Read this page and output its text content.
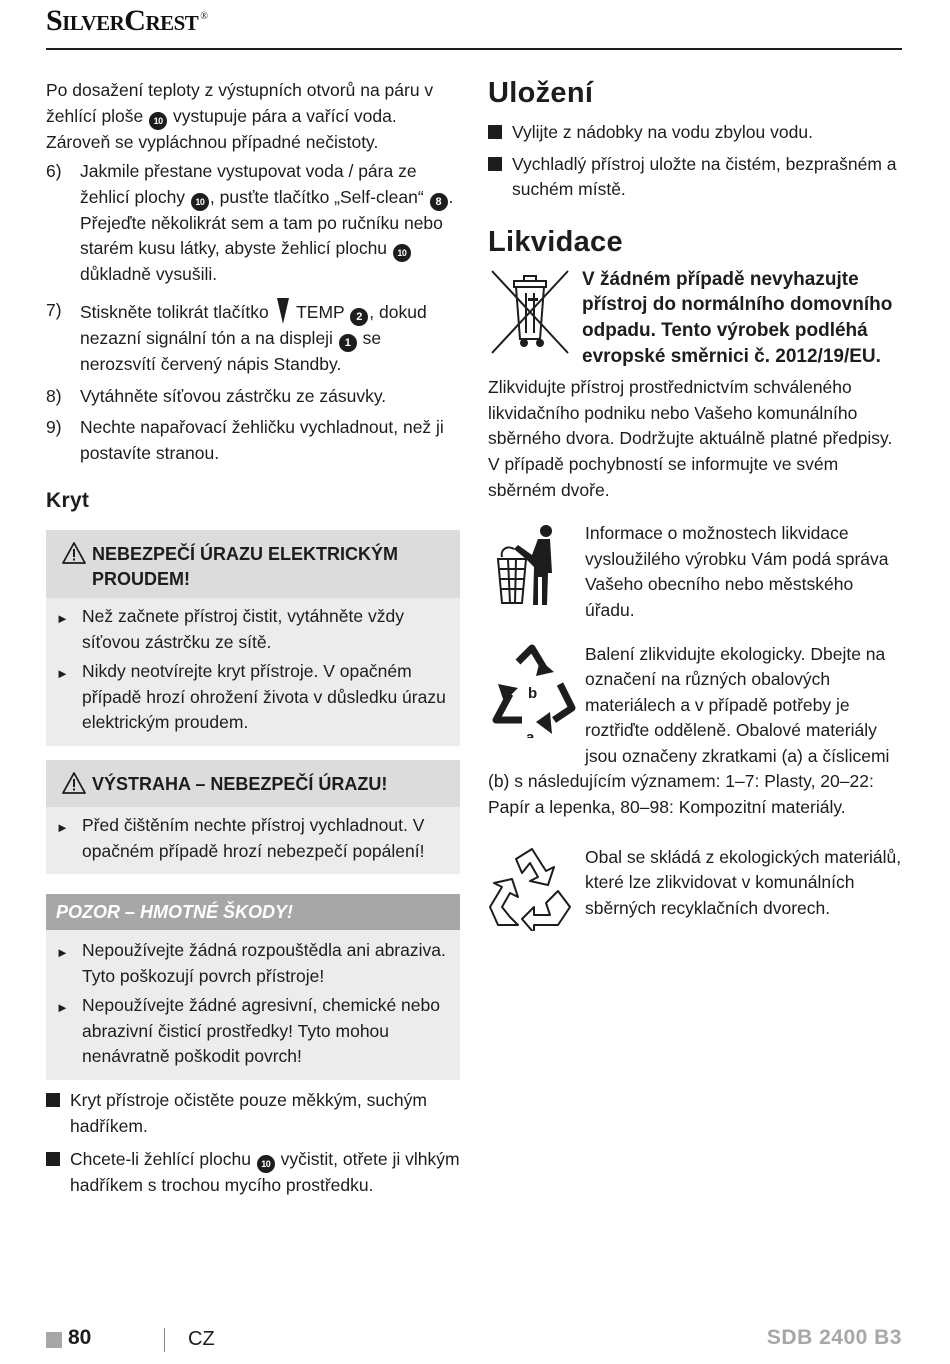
SilverCrest ®

Po dosažení teploty z výstupních otvorů na páru v žehlící ploše 10 vystupuje pára a vařící voda. Zároveň se vypláchnou případné nečistoty.

6)	Jakmile přestane vystupovat voda / pára ze žehlicí plochy 10 , pusťte tlačítko „Self-clean“ 8 . Přejeďte několikrát sem a tam po ručníku nebo starém kusu látky, abyste žehlicí plochu 10 důkladně vysušili.
7)	Stiskněte tolikrát tlačítko  TEMP 2 , dokud nezazní signální tón a na displeji 1 se nerozsvítí červený nápis Standby.
8)	Vytáhněte síťovou zástrčku ze zásuvky.
9)	Nechte napařovací žehličku vychladnout, než ji postavíte stranou.
Kryt
NEBEZPEČÍ ÚRAZU ELEKTRICKÝM PROUDEM!
► Než začnete přístroj čistit, vytáhněte vždy síťovou zástrčku ze sítě.
► Nikdy neotvírejte kryt přístroje. V opačném případě hrozí ohrožení života v důsledku úrazu elektrickým proudem.
VÝSTRAHA – NEBEZPEČÍ ÚRAZU!
► Před čištěním nechte přístroj vychladnout. V opačném případě hrozí nebezpečí popálení!
POZOR – HMOTNÉ ŠKODY!
► Nepoužívejte žádná rozpouštědla ani abraziva. Tyto poškozují povrch přístroje!
► Nepoužívejte žádné agresivní, chemické nebo abrazivní čisticí prostředky! Tyto mohou nenávratně poškodit povrch!
Kryt přístroje očistěte pouze měkkým, suchým hadříkem.
Chcete-li žehlící plochu 10 vyčistit, otřete ji vlhkým hadříkem s trochou mycího prostředku.
Uložení
Vylijte z nádobky na vodu zbylou vodu.
Vychladlý přístroj uložte na čistém, bezprašném a suchém místě.
Likvidace
V žádném případě nevyhazujte přístroj do normálního domovního odpadu. Tento výrobek podléhá evropské směrnici č. 2012/19/EU.

Zlikvidujte přístroj prostřednictvím schváleného likvidačního podniku nebo Vašeho komunálního sběrného dvora. Dodržujte aktuálně platné předpisy. V případě pochybností se informujte ve svém sběrném dvoře.

Informace o možnostech likvidace vysloužilého výrobku Vám podá správa Vašeho obecního nebo městského úřadu.
b
a
Balení zlikvidujte ekologicky. Dbejte na označení na různých obalových materiálech a v případě potřeby je roztřiďte odděleně. Obalové materiály jsou označeny zkratkami (a) a číslicemi

(b) s následujícím významem: 1–7: Plasty, 20–22: Papír a lepenka, 80–98: Kompozitní materiály.

Obal se skládá z ekologických materiálů, které lze zlikvidovat v komunálních sběrných recyklačních dvorech.
80	CZ	SDB 2400 B3
